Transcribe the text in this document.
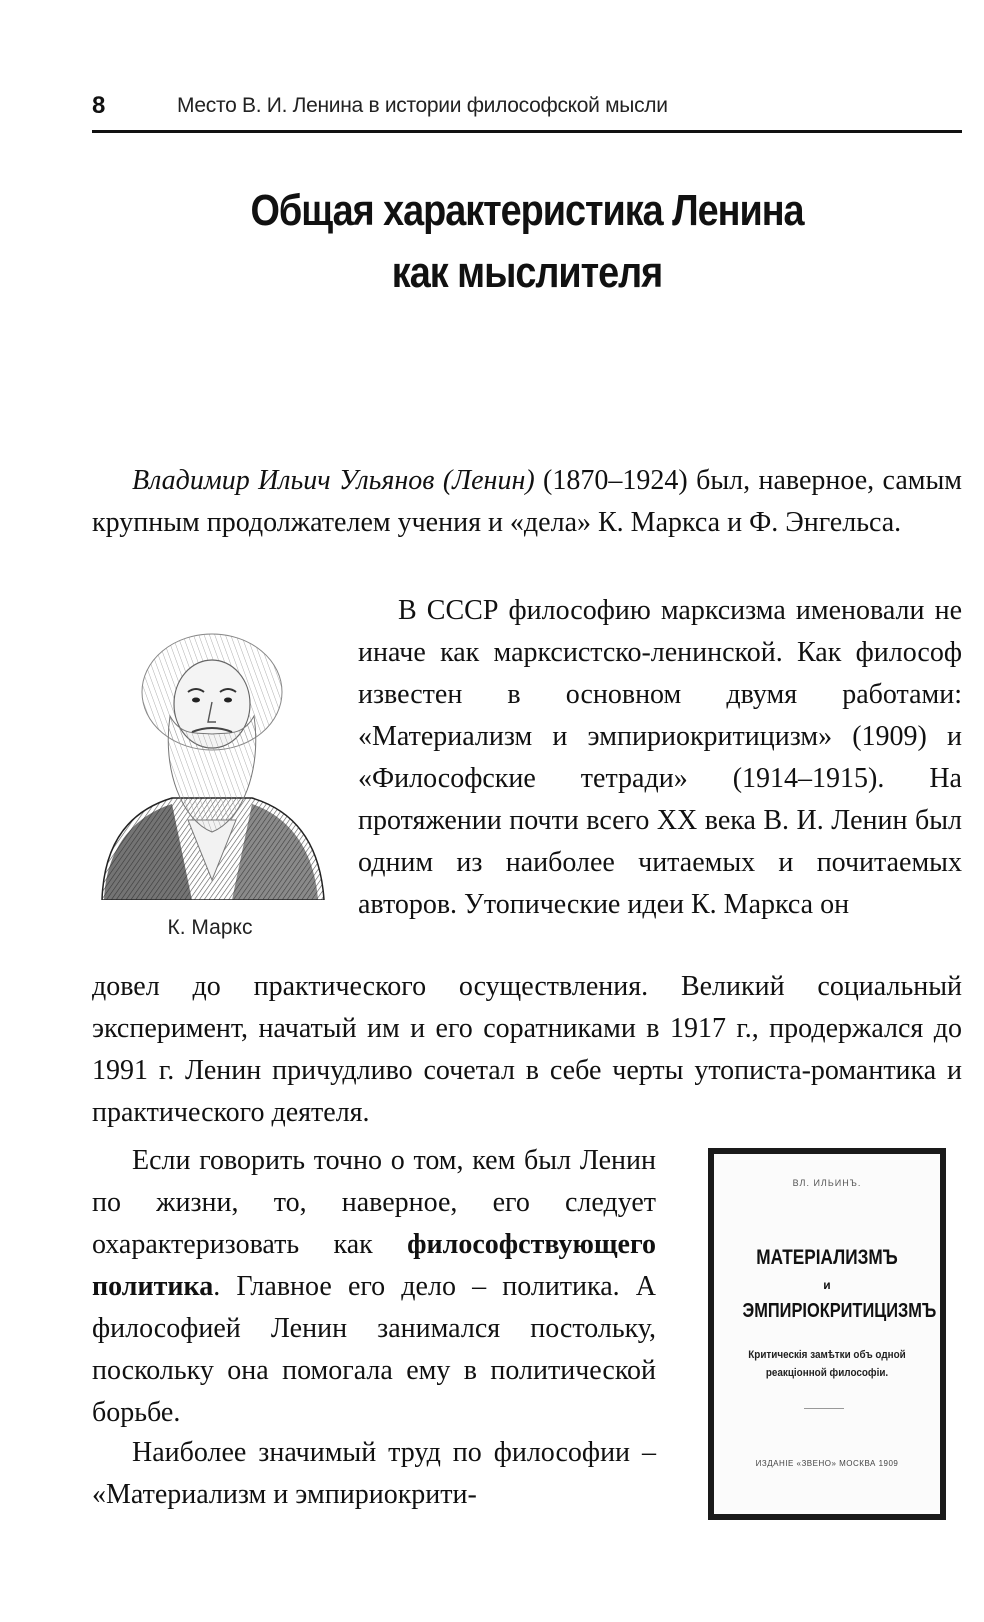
8	Место В. И. Ленина в истории философской мысли
Общая характеристика Ленина
как мыслителя

Владимир Ильич Ульянов (Ленин) (1870–1924) был, наверное, самым крупным продолжателем учения и «дела» К. Маркса и Ф. Энгельса.

К. Маркс

В СССР философию марксизма именовали не иначе как марксистско-ленинской. Как философ известен в основном двумя работами: «Материализм и эмпириокритицизм» (1909) и «Философские тетради» (1914–1915). На протяжении почти всего ХХ века В. И. Ленин был одним из наиболее читаемых и почитаемых авторов. Утопические идеи К. Маркса он

довел до практического осуществления. Великий социальный эксперимент, начатый им и его соратниками в 1917 г., продержался до 1991 г. Ленин причудливо сочетал в себе черты утописта-романтика и практического деятеля.

Если говорить точно о том, кем был Ленин по жизни, то, наверное, его следует охарактеризовать как философствующего политика. Главное его дело – политика. А философией Ленин занимался постольку, поскольку она помогала ему в политической борьбе.

Наиболее значимый труд по философии – «Материализм и эмпириокрити-

ВЛ. ИЛЬИНЪ.
МАТЕРІАЛИЗМЪ
и
ЭМПИРІОКРИТИЦИЗМЪ
Критическія замѣтки объ одной реакціонной философіи.
ИЗДАНІЕ «ЗВЕНО» МОСКВА 1909
